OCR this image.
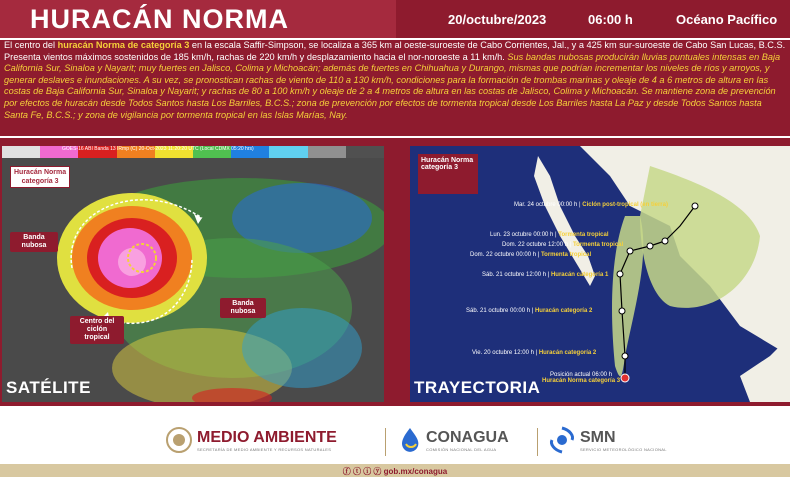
HURACÁN NORMA	20/octubre/2023	06:00 h	Océano Pacífico
El centro del huracán Norma de categoría 3 en la escala Saffir-Simpson, se localiza a 365 km al oeste-suroeste de Cabo Corrientes, Jal., y a 425 km sur-suroeste de Cabo San Lucas, B.C.S. Presenta vientos máximos sostenidos de 185 km/h, rachas de 220 km/h y desplazamiento hacia el nor-noroeste a 11 km/h. Sus bandas nubosas producirán lluvias puntuales intensas en Baja California Sur, Sinaloa y Nayarit; muy fuertes en Jalisco, Colima y Michoacán; además de fuertes en Chihuahua y Durango, mismas que podrían incrementar los niveles de ríos y arroyos, y generar deslaves e inundaciones. A su vez, se pronostican rachas de viento de 110 a 130 km/h, condiciones para la formación de trombas marinas y oleaje de 4 a 6 metros de altura en las costas de Baja California Sur, Sinaloa y Nayarit; y rachas de 80 a 100 km/h y oleaje de 2 a 4 metros de altura en las costas de Jalisco, Colima y Michoacán. Se mantiene zona de prevención por efectos de huracán desde Todos Santos hasta Los Barriles, B.C.S.; zona de prevención por efectos de tormenta tropical desde Los Barriles hasta La Paz y desde Todos Santos hasta Santa Fe, B.C.S.; y zona de vigilancia por tormenta tropical en las Islas Marías, Nay.
GOES-16 ABI Banda 13 IRmp (C) 20-Oct-2023 11:20:20 UTC (Local CDMX 05:20 hrs)
Huracán Norma
categoría 3
Banda nubosa
Banda nubosa
Centro del ciclón tropical
SATÉLITE
Huracán Norma
categoría 3
Mar. 24 octubre 00:00 h | Ciclón post-tropical (en tierra)
Lun. 23 octubre 00:00 h | Tormenta tropical
Dom. 22 octubre 12:00 h | Tormenta tropical
Dom. 22 octubre 00:00 h | Tormenta tropical
Sáb. 21 octubre 12:00 h | Huracán categoría 1
Sáb. 21 octubre 00:00 h | Huracán categoría 2
Vie. 20 octubre 12:00 h | Huracán categoría 2
Posición actual 06:00 h
Huracán Norma categoría 3
TRAYECTORIA
MEDIO AMBIENTE
SECRETARÍA DE MEDIO AMBIENTE Y RECURSOS NATURALES
CONAGUA
COMISIÓN NACIONAL DEL AGUA
SMN
SERVICIO METEOROLÓGICO NACIONAL
ⓕ ⓣ ⓘ ⓨ gob.mx/conagua
